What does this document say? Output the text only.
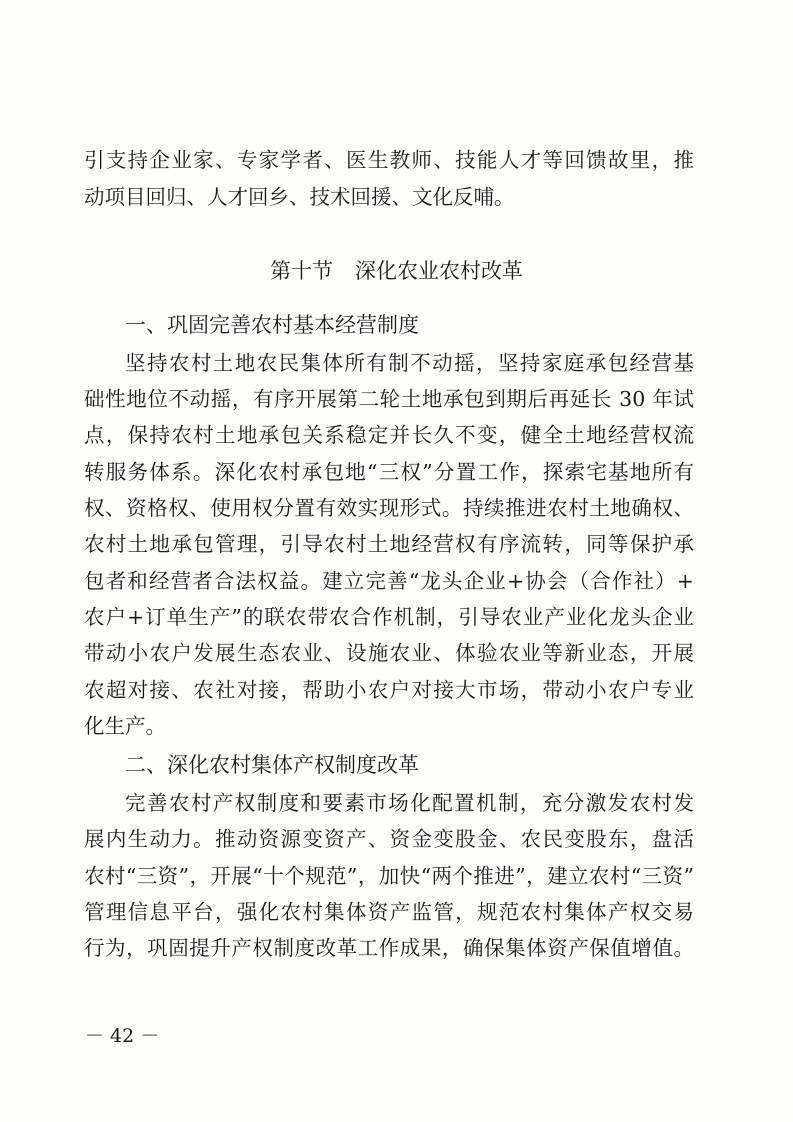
引支持企业家、专家学者、医生教师、技能人才等回馈故里，推
动项目回归、人才回乡、技术回援、文化反哺。
第十节 深化农业农村改革
一、巩固完善农村基本经营制度
坚持农村土地农民集体所有制不动摇，坚持家庭承包经营基
础性地位不动摇，有序开展第二轮土地承包到期后再延长 30 年试
点，保持农村土地承包关系稳定并长久不变，健全土地经营权流
转服务体系。深化农村承包地“三权”分置工作，探索宅基地所有
权、资格权、使用权分置有效实现形式。持续推进农村土地确权、
农村土地承包管理，引导农村土地经营权有序流转，同等保护承
包者和经营者合法权益。建立完善“龙头企业+协会（合作社）+
农户+订单生产”的联农带农合作机制，引导农业产业化龙头企业
带动小农户发展生态农业、设施农业、体验农业等新业态，开展
农超对接、农社对接，帮助小农户对接大市场，带动小农户专业
化生产。
二、深化农村集体产权制度改革
完善农村产权制度和要素市场化配置机制，充分激发农村发
展内生动力。推动资源变资产、资金变股金、农民变股东，盘活
农村“三资”，开展“十个规范”，加快“两个推进”，建立农村“三资”
管理信息平台，强化农村集体资产监管，规范农村集体产权交易
行为，巩固提升产权制度改革工作成果，确保集体资产保值增值。
－ 42 －
